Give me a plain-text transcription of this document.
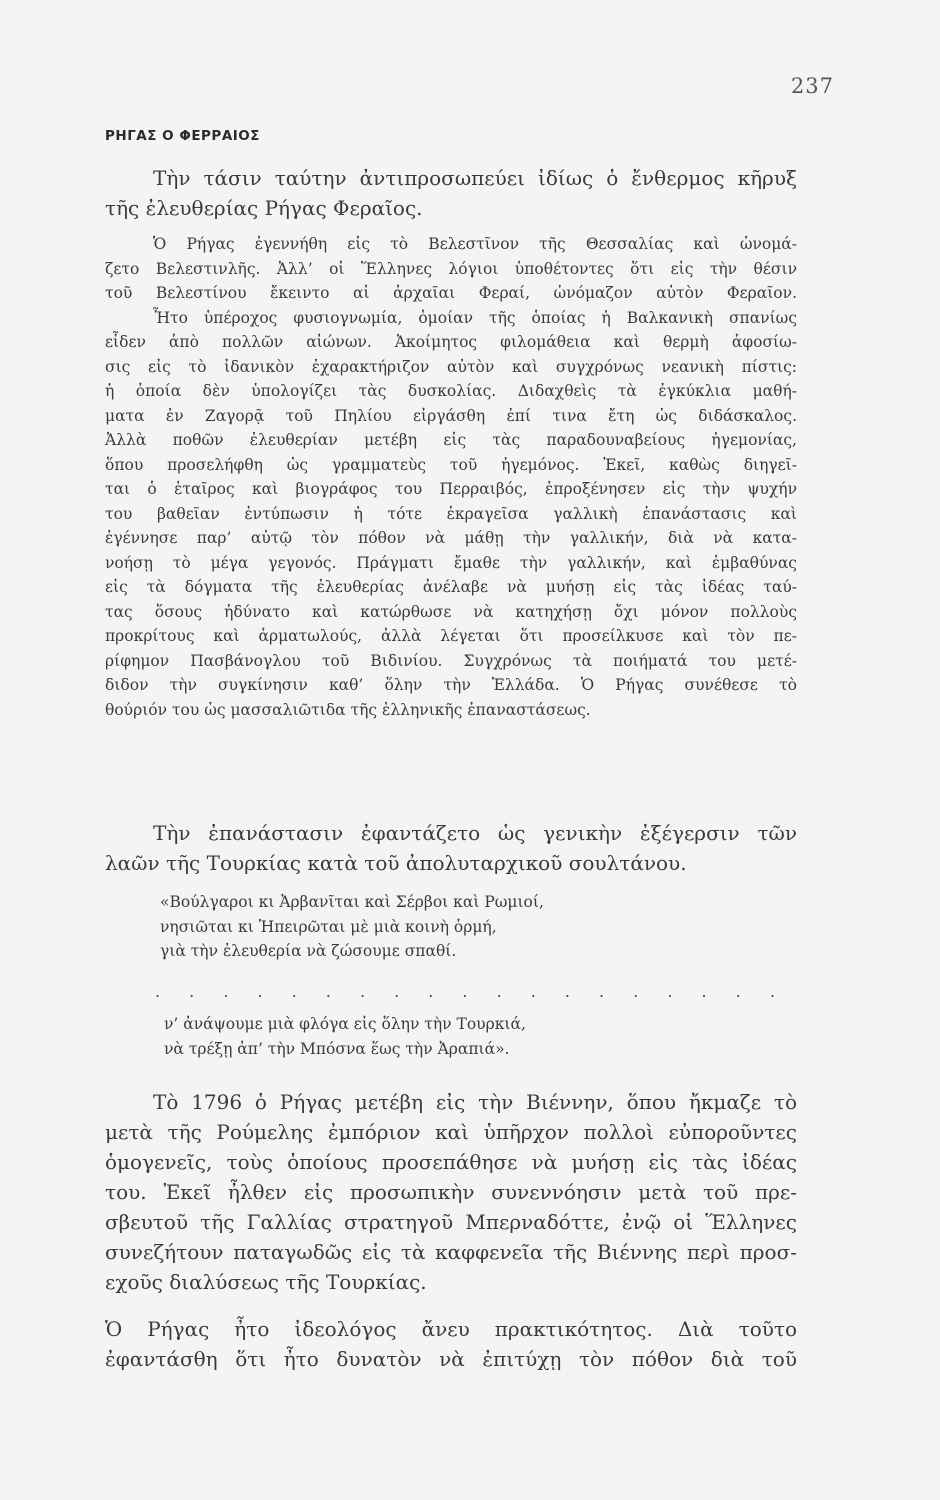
237
ΡΗΓΑΣ Ο ΦΕΡΡΑΙΟΣ
Τὴν τάσιν ταύτην ἀντιπροσωπεύει ἰδίως ὁ ἔνθερμος κῆρυξ
τῆς ἐλευθερίας Ρήγας Φεραῖος.
Ὁ Ρήγας ἐγεννήθη εἰς τὸ Βελεστῖνον τῆς Θεσσαλίας καὶ ὠνομά-
ζετο Βελεστινλῆς. Ἀλλ’ οἱ Ἕλληνες λόγιοι ὑποθέτοντες ὅτι εἰς τὴν θέσιν
τοῦ Βελεστίνου ἔκειντο αἱ ἀρχαῖαι Φεραί, ὠνόμαζον αὐτὸν Φεραῖον.
Ἦτο ὑπέροχος φυσιογνωμία, ὁμοίαν τῆς ὁποίας ἡ Βαλκανικὴ σπανίως
εἶδεν ἀπὸ πολλῶν αἰώνων. Ἀκοίμητος φιλομάθεια καὶ θερμὴ ἀφοσίω-
σις εἰς τὸ ἰδανικὸν ἐχαρακτήριζον αὐτὸν καὶ συγχρόνως νεανικὴ πίστις:
ἡ ὁποία δὲν ὑπολογίζει τὰς δυσκολίας. Διδαχθεὶς τὰ ἐγκύκλια μαθή-
ματα ἐν Ζαγορᾷ τοῦ Πηλίου εἰργάσθη ἐπί τινα ἔτη ὡς διδάσκαλος.
Ἀλλὰ ποθῶν ἐλευθερίαν μετέβη εἰς τὰς παραδουναβείους ἡγεμονίας,
ὅπου προσελήφθη ὡς γραμματεὺς τοῦ ἡγεμόνος. Ἐκεῖ, καθὼς διηγεῖ-
ται ὁ ἑταῖρος καὶ βιογράφος του Περραιβός, ἐπροξένησεν εἰς τὴν ψυχήν
του βαθεῖαν ἐντύπωσιν ἡ τότε ἐκραγεῖσα γαλλικὴ ἐπανάστασις καὶ
ἐγέννησε παρ’ αὐτῷ τὸν πόθον νὰ μάθῃ τὴν γαλλικήν, διὰ νὰ κατα-
νοήσῃ τὸ μέγα γεγονός. Πράγματι ἔμαθε τὴν γαλλικήν, καὶ ἐμβαθύνας
εἰς τὰ δόγματα τῆς ἐλευθερίας ἀνέλαβε νὰ μυήσῃ εἰς τὰς ἰδέας ταύ-
τας ὅσους ἠδύνατο καὶ κατώρθωσε νὰ κατηχήσῃ ὄχι μόνον πολλοὺς
προκρίτους καὶ ἁρματωλούς, ἀλλὰ λέγεται ὅτι προσείλκυσε καὶ τὸν πε-
ρίφημον Πασβάνογλου τοῦ Βιδινίου. Συγχρόνως τὰ ποιήματά του μετέ-
διδον τὴν συγκίνησιν καθ’ ὅλην τὴν Ἑλλάδα. Ὁ Ρήγας συνέθεσε τὸ
θούριόν του ὡς μασσαλιῶτιδα τῆς ἑλληνικῆς ἐπαναστάσεως.
Τὴν ἐπανάστασιν ἐφαντάζετο ὡς γενικὴν ἐξέγερσιν τῶν
λαῶν τῆς Τουρκίας κατὰ τοῦ ἀπολυταρχικοῦ σουλτάνου.
«Βούλγαροι κι Ἀρβανῖται καὶ Σέρβοι καὶ Ρωμιοί,
νησιῶται κι Ἠπειρῶται μὲ μιὰ κοινὴ ὁρμή,
γιὰ τὴν ἐλευθερία νὰ ζώσουμε σπαθί.
. . . . . . . . . . . . . . . . . . .
ν’ ἀνάψουμε μιὰ φλόγα εἰς ὅλην τὴν Τουρκιά,
νὰ τρέξῃ ἀπ’ τὴν Μπόσνα ἕως τὴν Ἀραπιά».
Τὸ 1796 ὁ Ρήγας μετέβη εἰς τὴν Βιέννην, ὅπου ἤκμαζε τὸ
μετὰ τῆς Ρούμελης ἐμπόριον καὶ ὑπῆρχον πολλοὶ εὐποροῦντες
ὁμογενεῖς, τοὺς ὁποίους προσεπάθησε νὰ μυήσῃ εἰς τὰς ἰδέας
του. Ἐκεῖ ἦλθεν εἰς προσωπικὴν συνεννόησιν μετὰ τοῦ πρε-
σβευτοῦ τῆς Γαλλίας στρατηγοῦ Μπερναδόττε, ἐνῷ οἱ Ἕλληνες
συνεζήτουν παταγωδῶς εἰς τὰ καφφενεῖα τῆς Βιέννης περὶ προσ-
εχοῦς διαλύσεως τῆς Τουρκίας.
Ὁ Ρήγας ἦτο ἰδεολόγος ἄνευ πρακτικότητος. Διὰ τοῦτο
ἐφαντάσθη ὅτι ἦτο δυνατὸν νὰ ἐπιτύχῃ τὸν πόθον διὰ τοῦ
